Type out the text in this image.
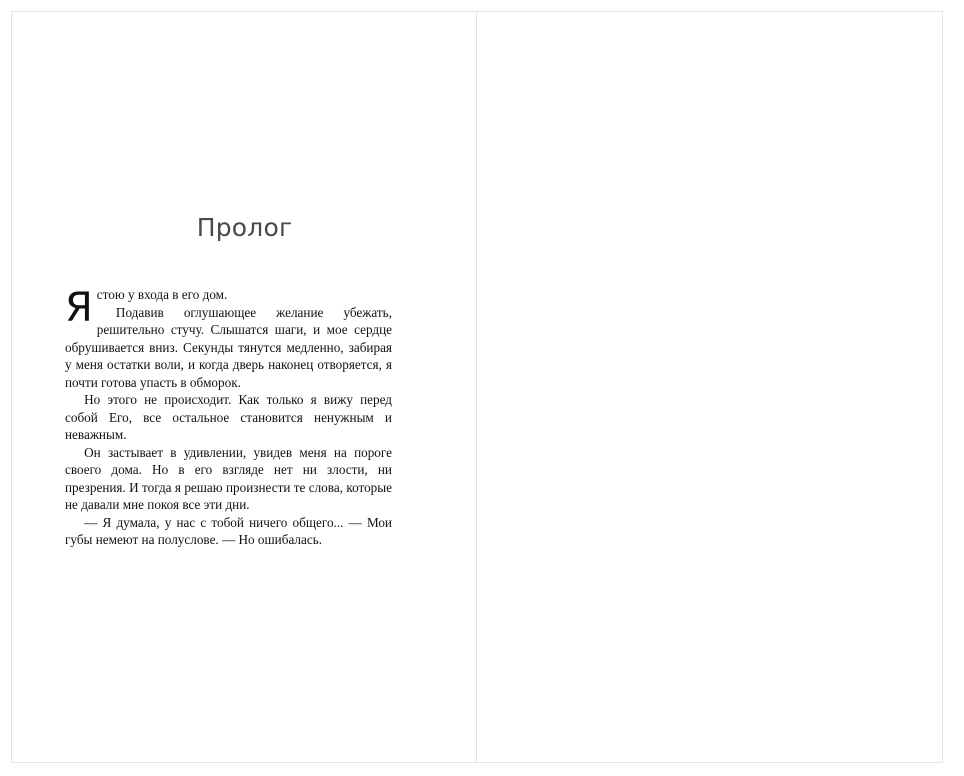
Пролог

Ястою у входа в его дом.

Подавив оглушающее желание убежать, решительно стучу. Слышатся шаги, и мое сердце обрушивается вниз. Секунды тянутся медленно, забирая у меня остатки воли, и когда дверь наконец отворяется, я почти готова упасть в обморок.

Но этого не происходит. Как только я вижу перед собой Его, все остальное становится ненужным и неважным.

Он застывает в удивлении, увидев меня на пороге своего дома. Но в его взгляде нет ни злости, ни презрения. И тогда я решаю произнести те слова, которые не давали мне покоя все эти дни.

— Я думала, у нас с тобой ничего общего... — Мои губы немеют на полуслове. — Но ошибалась.
